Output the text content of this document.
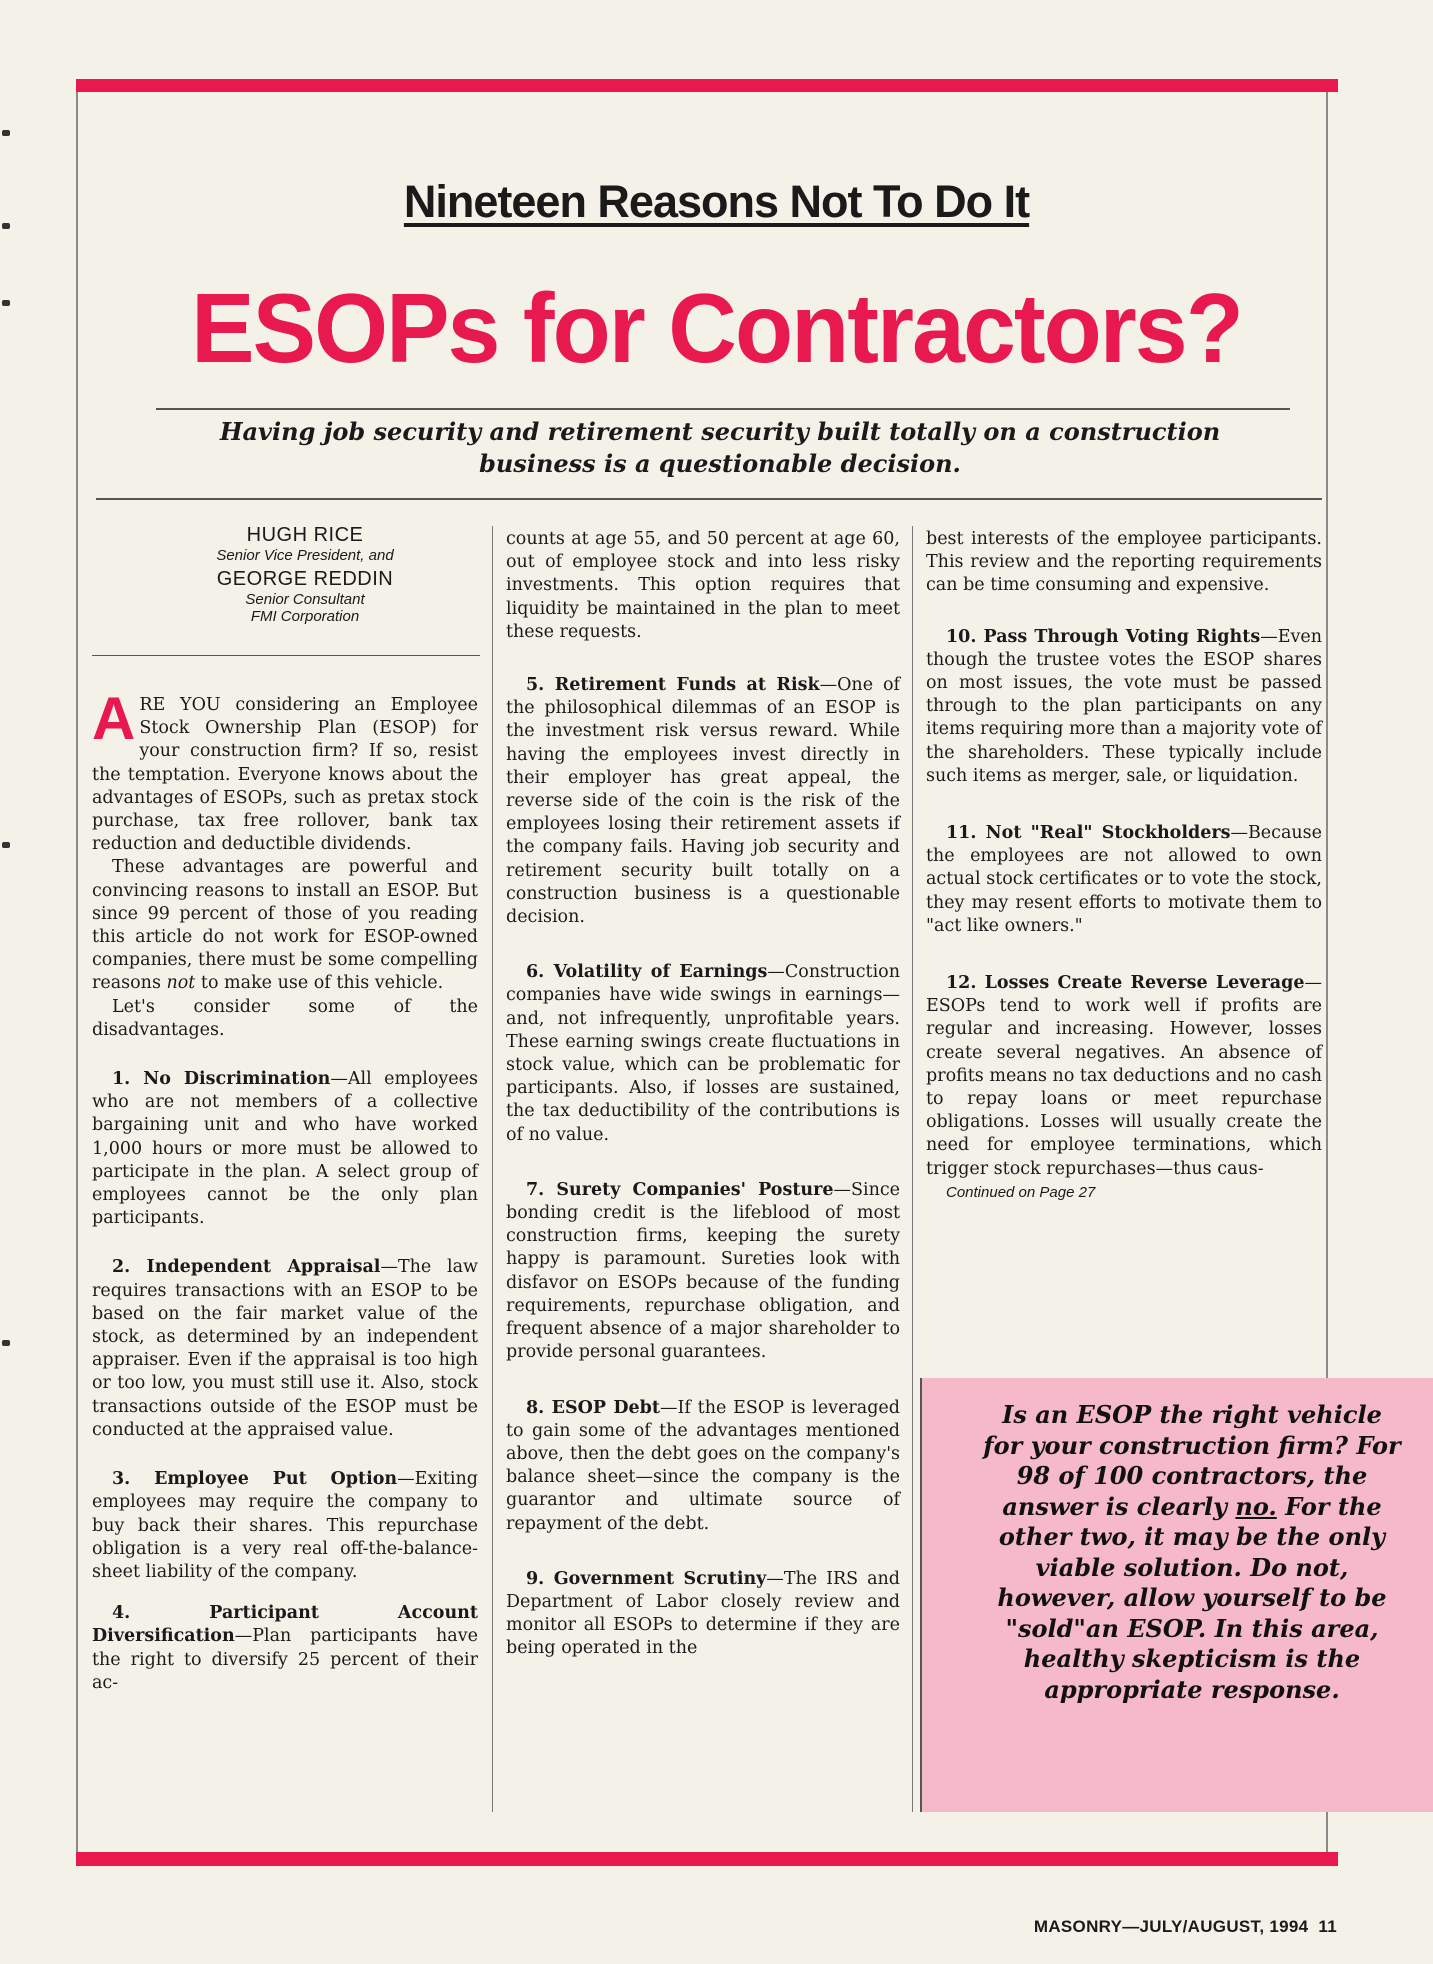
Nineteen Reasons Not To Do It
ESOPs for Contractors?
Having job security and retirement security built totally on a construction business is a questionable decision.
HUGH RICE
Senior Vice President, and
GEORGE REDDIN
Senior Consultant
FMI Corporation

ARE YOU considering an Employee Stock Ownership Plan (ESOP) for your construction firm? If so, resist the temptation. Everyone knows about the advantages of ESOPs, such as pretax stock purchase, tax free rollover, bank tax reduction and deductible dividends.

These advantages are powerful and convincing reasons to install an ESOP. But since 99 percent of those of you reading this article do not work for ESOP-owned companies, there must be some compelling reasons not to make use of this vehicle.

Let's consider some of the disadvantages.

1. No Discrimination—All employees who are not members of a collective bargaining unit and who have worked 1,000 hours or more must be allowed to participate in the plan. A select group of employees cannot be the only plan participants.

2. Independent Appraisal—The law requires transactions with an ESOP to be based on the fair market value of the stock, as determined by an independent appraiser. Even if the appraisal is too high or too low, you must still use it. Also, stock transactions outside of the ESOP must be conducted at the appraised value.

3. Employee Put Option—Exiting employees may require the company to buy back their shares. This repurchase obligation is a very real off-the-balance-sheet liability of the company.

4. Participant Account Diversification—Plan participants have the right to diversify 25 percent of their ac-

counts at age 55, and 50 percent at age 60, out of employee stock and into less risky investments. This option requires that liquidity be maintained in the plan to meet these requests.

5. Retirement Funds at Risk—One of the philosophical dilemmas of an ESOP is the investment risk versus reward. While having the employees invest directly in their employer has great appeal, the reverse side of the coin is the risk of the employees losing their retirement assets if the company fails. Having job security and retirement security built totally on a construction business is a questionable decision.

6. Volatility of Earnings—Construction companies have wide swings in earnings—and, not infrequently, unprofitable years. These earning swings create fluctuations in stock value, which can be problematic for participants. Also, if losses are sustained, the tax deductibility of the contributions is of no value.

7. Surety Companies' Posture—Since bonding credit is the lifeblood of most construction firms, keeping the surety happy is paramount. Sureties look with disfavor on ESOPs because of the funding requirements, repurchase obligation, and frequent absence of a major shareholder to provide personal guarantees.

8. ESOP Debt—If the ESOP is leveraged to gain some of the advantages mentioned above, then the debt goes on the company's balance sheet—since the company is the guarantor and ultimate source of repayment of the debt.

9. Government Scrutiny—The IRS and Department of Labor closely review and monitor all ESOPs to determine if they are being operated in the

best interests of the employee participants. This review and the reporting requirements can be time consuming and expensive.

10. Pass Through Voting Rights—Even though the trustee votes the ESOP shares on most issues, the vote must be passed through to the plan participants on any items requiring more than a majority vote of the shareholders. These typically include such items as merger, sale, or liquidation.

11. Not "Real" Stockholders—Because the employees are not allowed to own actual stock certificates or to vote the stock, they may resent efforts to motivate them to "act like owners."

12. Losses Create Reverse Leverage—ESOPs tend to work well if profits are regular and increasing. However, losses create several negatives. An absence of profits means no tax deductions and no cash to repay loans or meet repurchase obligations. Losses will usually create the need for employee terminations, which trigger stock repurchases—thus caus-

Continued on Page 27

Is an ESOP the right vehicle for your construction firm? For 98 of 100 contractors, the answer is clearly no. For the other two, it may be the only viable solution. Do not, however, allow yourself to be "sold"an ESOP. In this area, healthy skepticism is the appropriate response.
MASONRY—JULY/AUGUST, 1994 11
